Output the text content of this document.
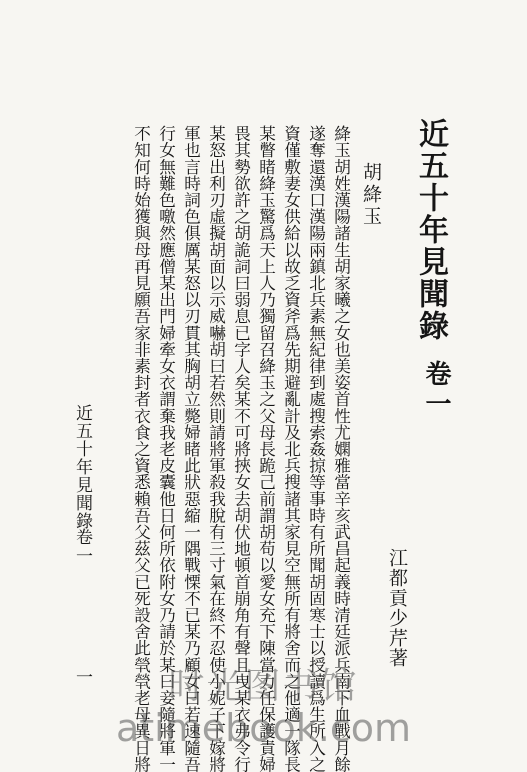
近五十年見聞錄
卷一
江都貢少芹著
胡絳玉
絳玉胡姓漢陽諸生胡家曦之女也美姿首性尤嫻雅當辛亥武昌起義時清廷派兵南下血戰月餘
遂奪還漢口漢陽兩鎮北兵素無紀律到處搜索姦掠等事時有所聞胡固寒士以授讀爲生所入之
資僅敷妻女供給以故乏資斧爲先期避亂計及北兵搜諸其家見空無所有將舍而之他適一隊長
某瞥睹絳玉驚爲天上人乃獨留召絳玉之父母長跪己前謂胡苟以愛女充下陳當力任保護責婦
畏其勢欲許之胡詭詞曰弱息已字人矣某不可將挾女去胡伏地頓首崩角有聲且曳某衣弗令行
某怒出利刃虛擬胡面以示威嚇胡曰若然則請將軍殺我脫有三寸氣在終不忍使小妮子下嫁將
軍也言時詞色俱厲某怒以刃貫其胸胡立斃婦睹此狀惡縮一隅戰慄不已某乃顧女曰若速隨吾
行女無難色噭然應僧某出門婦牽女衣謂棄我老皮囊他日何所依附女乃請於某曰妾隨將軍一
不知何時始獲與母再見願吾家非素封者衣食之資悉賴吾父茲父已死設舍此煢煢老母異日將
近五十年見聞錄
卷一
一	时光图书馆
atimebook.com
